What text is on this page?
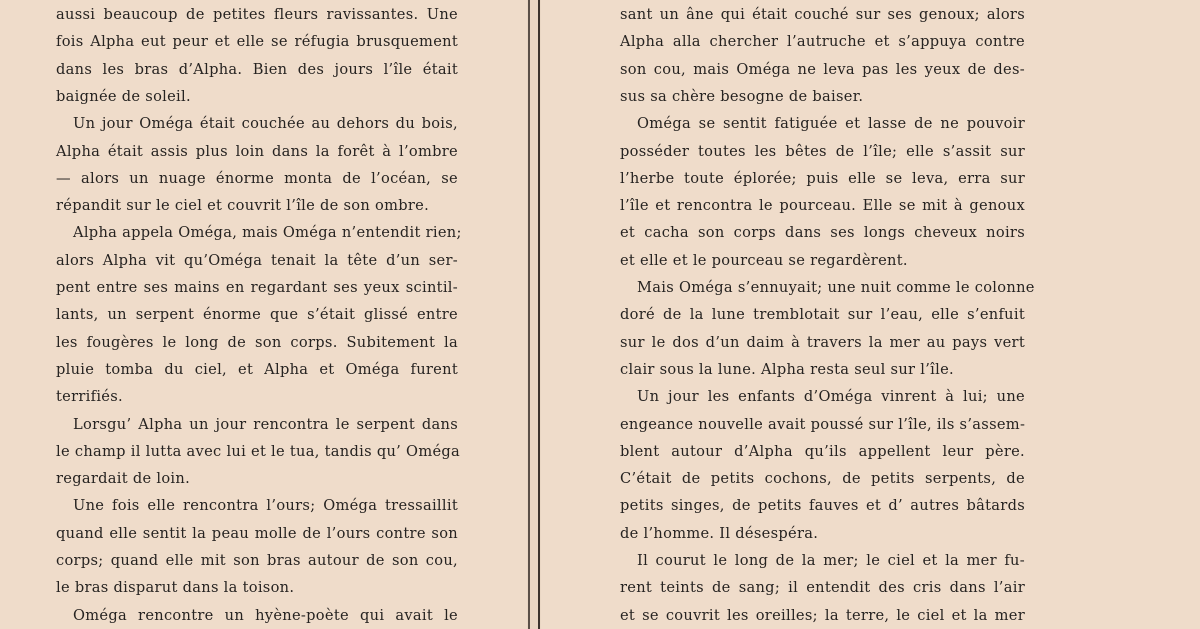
aussi beaucoup de petites fleurs ravissantes. Une
fois Alpha eut peur et elle se réfugia brusquement
dans les bras d’Alpha. Bien des jours l’île était
baignée de soleil.
Un jour Oméga était couchée au dehors du bois,
Alpha était assis plus loin dans la forêt à l’ombre
— alors un nuage énorme monta de l’océan, se
répandit sur le ciel et couvrit l’île de son ombre.
Alpha appela Oméga, mais Oméga n’entendit rien;
alors Alpha vit qu’Oméga tenait la tête d’un ser-
pent entre ses mains en regardant ses yeux scintil-
lants, un serpent énorme que s’était glissé entre
les fougères le long de son corps. Subitement la
pluie tomba du ciel, et Alpha et Oméga furent
terrifiés.
Lorsgu’ Alpha un jour rencontra le serpent dans
le champ il lutta avec lui et le tua, tandis qu’ Oméga
regardait de loin.
Une fois elle rencontra l’ours; Oméga tressaillit
quand elle sentit la peau molle de l’ours contre son
corps; quand elle mit son bras autour de son cou,
le bras disparut dans la toison.
Oméga rencontre un hyène-poète qui avait le
sant un âne qui était couché sur ses genoux; alors
Alpha alla chercher l’autruche et s’appuya contre
son cou, mais Oméga ne leva pas les yeux de des-
sus sa chère besogne de baiser.
Oméga se sentit fatiguée et lasse de ne pouvoir
posséder toutes les bêtes de l’île; elle s’assit sur
l’herbe toute éplorée; puis elle se leva, erra sur
l’île et rencontra le pourceau. Elle se mit à genoux
et cacha son corps dans ses longs cheveux noirs
et elle et le pourceau se regardèrent.
Mais Oméga s’ennuyait; une nuit comme le colonne
doré de la lune tremblotait sur l’eau, elle s’enfuit
sur le dos d’un daim à travers la mer au pays vert
clair sous la lune. Alpha resta seul sur l’île.
Un jour les enfants d’Oméga vinrent à lui; une
engeance nouvelle avait poussé sur l’île, ils s’assem-
blent autour d’Alpha qu’ils appellent leur père.
C’était de petits cochons, de petits serpents, de
petits singes, de petits fauves et d’ autres bâtards
de l’homme. Il désespéra.
Il courut le long de la mer; le ciel et la mer fu-
rent teints de sang; il entendit des cris dans l’air
et se couvrit les oreilles; la terre, le ciel et la mer
